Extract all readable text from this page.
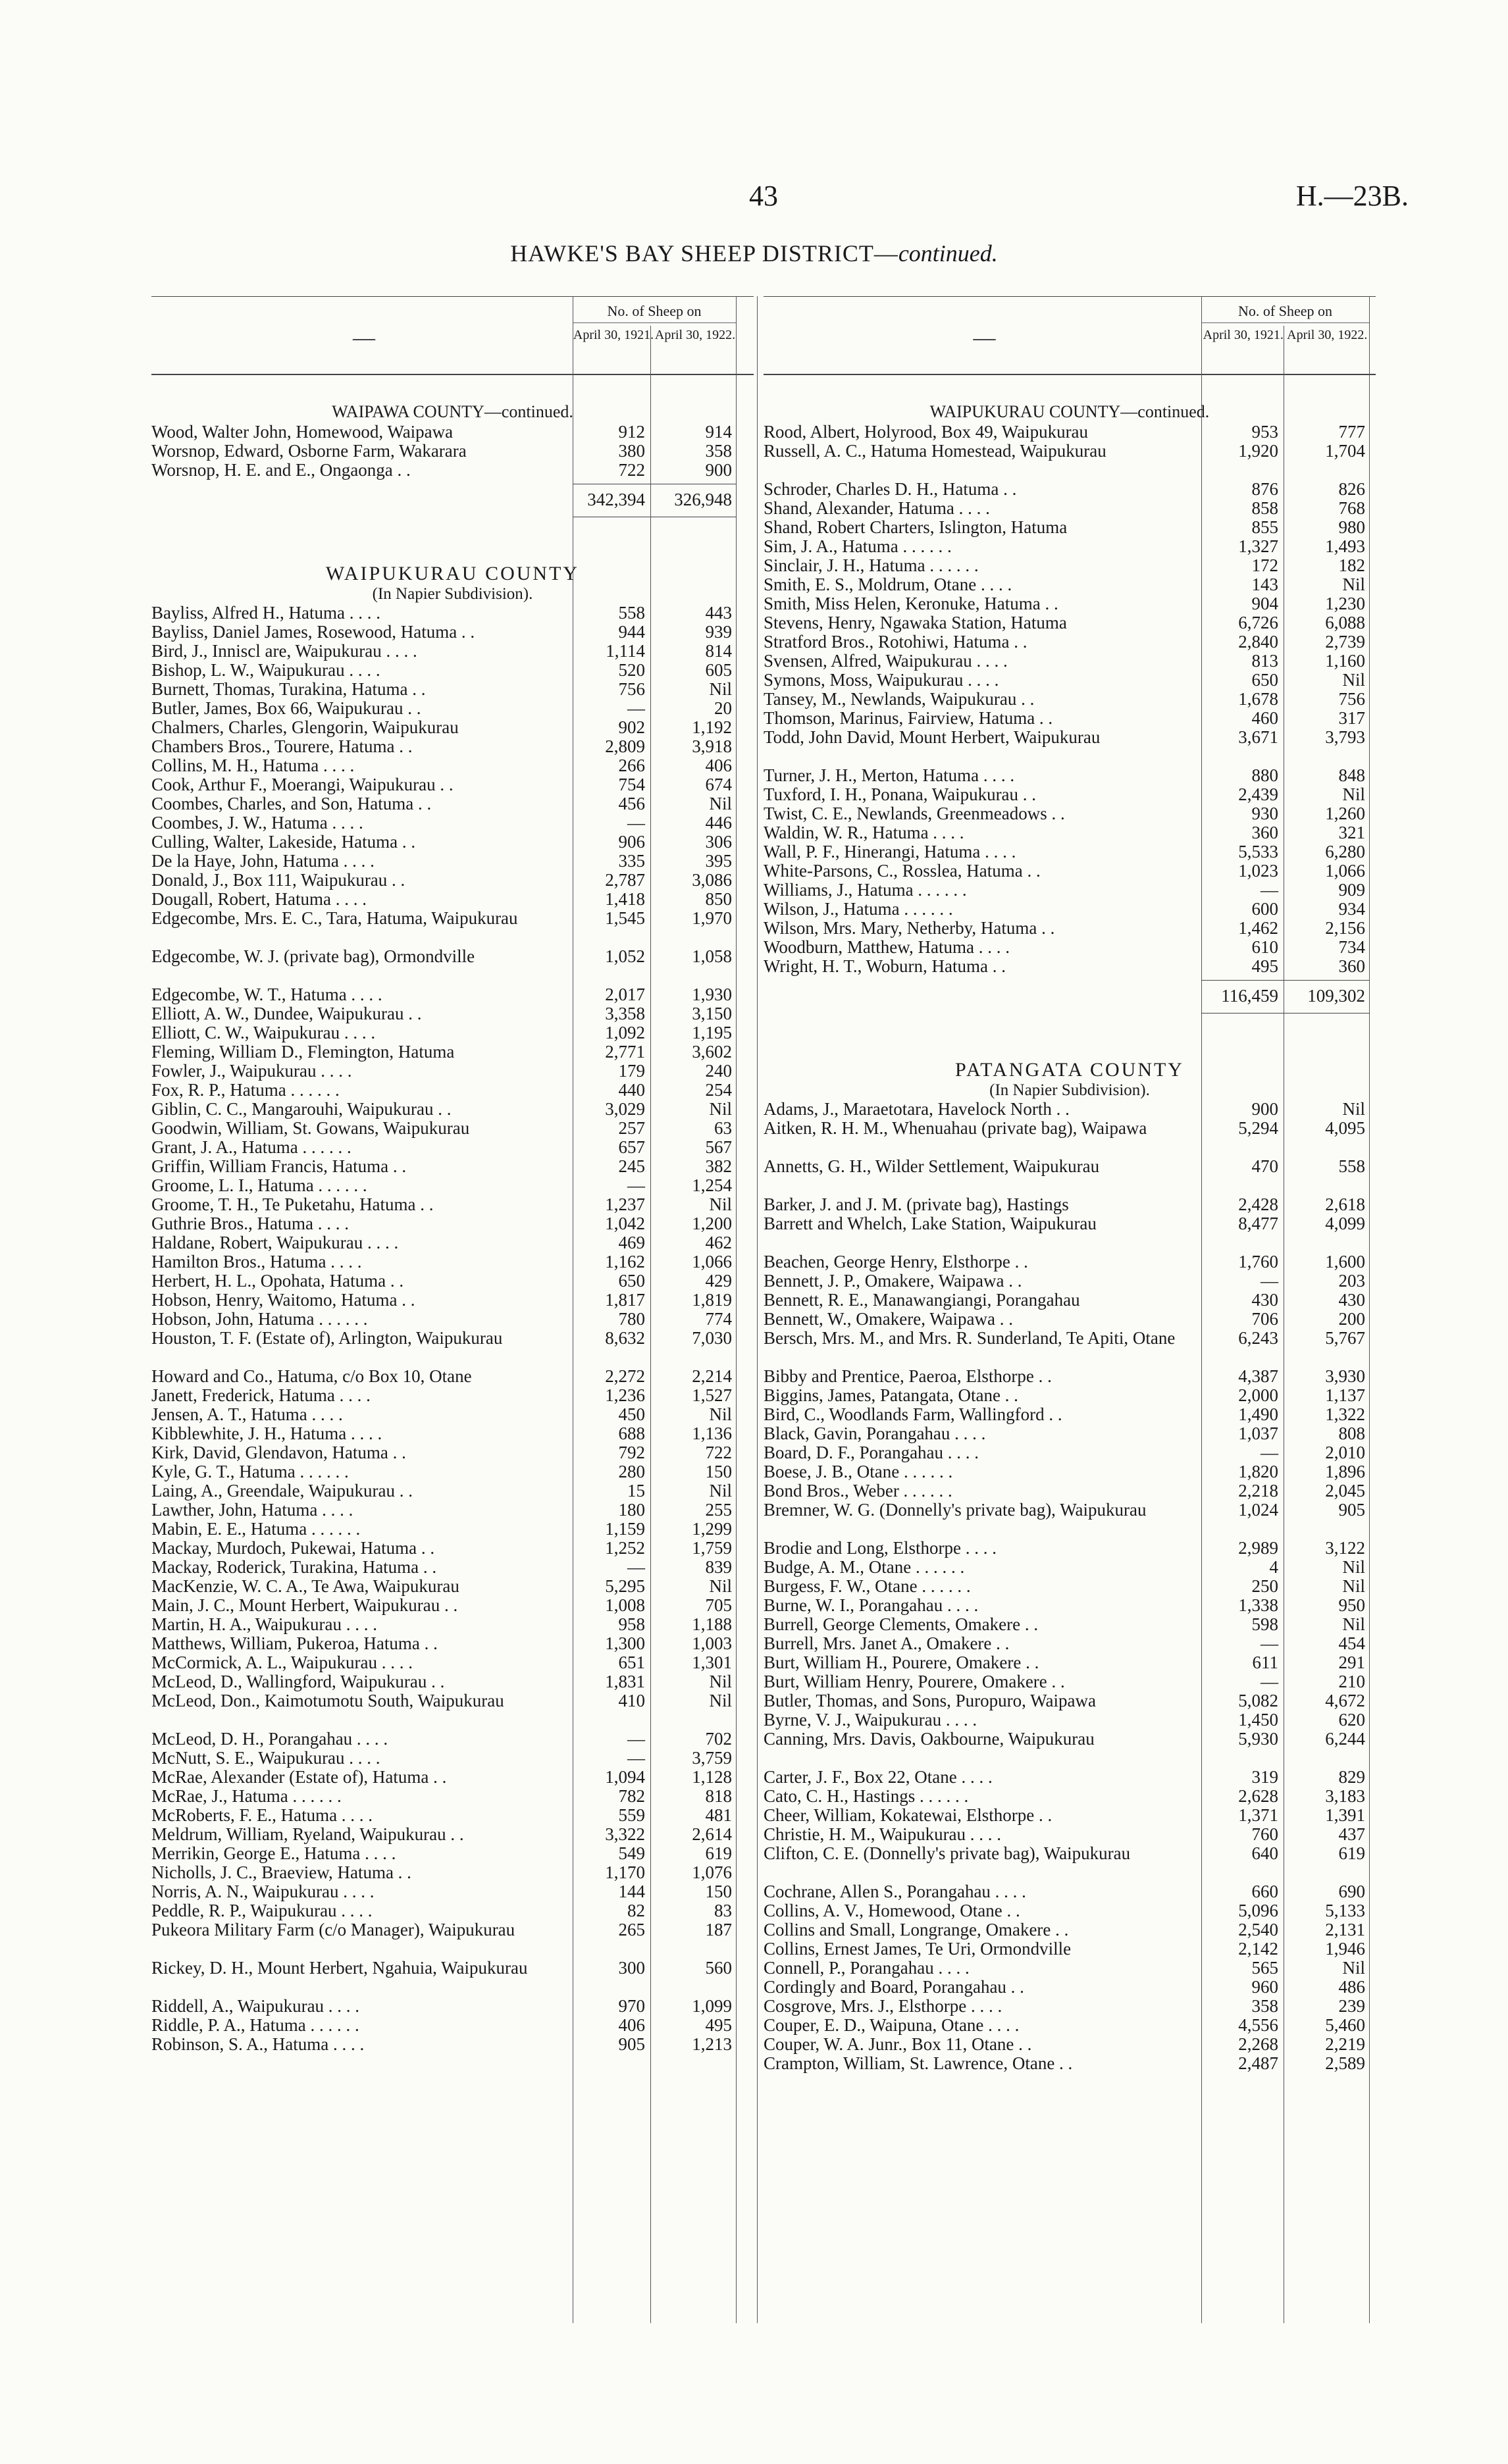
43	H.—23B.
HAWKE'S BAY SHEEP DISTRICT—continued.
No. of Sheep on
April 30, 1921. April 30, 1922.
—
WAIPAWA COUNTY—continued.
Wood, Walter John, Homewood, Waipawa	912	914
Worsnop, Edward, Osborne Farm, Wakarara	380	358
Worsnop, H. E. and E., Ongaonga . .	722	900
342,394	326,948
WAIPUKURAU COUNTY
(In Napier Subdivision).
Bayliss, Alfred H., Hatuma . . . .	558	443
Bayliss, Daniel James, Rosewood, Hatuma . .	944	939
Bird, J., Inniscl are, Waipukurau . . . .	1,114	814
Bishop, L. W., Waipukurau . . . .	520	605
Burnett, Thomas, Turakina, Hatuma . .	756	Nil
Butler, James, Box 66, Waipukurau . .	—	20
Chalmers, Charles, Glengorin, Waipukurau	902	1,192
Chambers Bros., Tourere, Hatuma . .	2,809	3,918
Collins, M. H., Hatuma . . . .	266	406
Cook, Arthur F., Moerangi, Waipukurau . .	754	674
Coombes, Charles, and Son, Hatuma . .	456	Nil
Coombes, J. W., Hatuma . . . .	—	446
Culling, Walter, Lakeside, Hatuma . .	906	306
De la Haye, John, Hatuma . . . .	335	395
Donald, J., Box 111, Waipukurau . .	2,787	3,086
Dougall, Robert, Hatuma . . . .	1,418	850
Edgecombe, Mrs. E. C., Tara, Hatuma, Waipukurau	1,545	1,970
Edgecombe, W. J. (private bag), Ormondville	1,052	1,058
Edgecombe, W. T., Hatuma . . . .	2,017	1,930
Elliott, A. W., Dundee, Waipukurau . .	3,358	3,150
Elliott, C. W., Waipukurau . . . .	1,092	1,195
Fleming, William D., Flemington, Hatuma	2,771	3,602
Fowler, J., Waipukurau . . . .	179	240
Fox, R. P., Hatuma . . . . . .	440	254
Giblin, C. C., Mangarouhi, Waipukurau . .	3,029	Nil
Goodwin, William, St. Gowans, Waipukurau	257	63
Grant, J. A., Hatuma . . . . . .	657	567
Griffin, William Francis, Hatuma . .	245	382
Groome, L. I., Hatuma . . . . . .	—	1,254
Groome, T. H., Te Puketahu, Hatuma . .	1,237	Nil
Guthrie Bros., Hatuma . . . .	1,042	1,200
Haldane, Robert, Waipukurau . . . .	469	462
Hamilton Bros., Hatuma . . . .	1,162	1,066
Herbert, H. L., Opohata, Hatuma . .	650	429
Hobson, Henry, Waitomo, Hatuma . .	1,817	1,819
Hobson, John, Hatuma . . . . . .	780	774
Houston, T. F. (Estate of), Arlington, Waipukurau	8,632	7,030
Howard and Co., Hatuma, c/o Box 10, Otane	2,272	2,214
Janett, Frederick, Hatuma . . . .	1,236	1,527
Jensen, A. T., Hatuma . . . .	450	Nil
Kibblewhite, J. H., Hatuma . . . .	688	1,136
Kirk, David, Glendavon, Hatuma . .	792	722
Kyle, G. T., Hatuma . . . . . .	280	150
Laing, A., Greendale, Waipukurau . .	15	Nil
Lawther, John, Hatuma . . . .	180	255
Mabin, E. E., Hatuma . . . . . .	1,159	1,299
Mackay, Murdoch, Pukewai, Hatuma . .	1,252	1,759
Mackay, Roderick, Turakina, Hatuma . .	—	839
MacKenzie, W. C. A., Te Awa, Waipukurau	5,295	Nil
Main, J. C., Mount Herbert, Waipukurau . .	1,008	705
Martin, H. A., Waipukurau . . . .	958	1,188
Matthews, William, Pukeroa, Hatuma . .	1,300	1,003
McCormick, A. L., Waipukurau . . . .	651	1,301
McLeod, D., Wallingford, Waipukurau . .	1,831	Nil
McLeod, Don., Kaimotumotu South, Waipukurau	410	Nil
McLeod, D. H., Porangahau . . . .	—	702
McNutt, S. E., Waipukurau . . . .	—	3,759
McRae, Alexander (Estate of), Hatuma . .	1,094	1,128
McRae, J., Hatuma . . . . . .	782	818
McRoberts, F. E., Hatuma . . . .	559	481
Meldrum, William, Ryeland, Waipukurau . .	3,322	2,614
Merrikin, George E., Hatuma . . . .	549	619
Nicholls, J. C., Braeview, Hatuma . .	1,170	1,076
Norris, A. N., Waipukurau . . . .	144	150
Peddle, R. P., Waipukurau . . . .	82	83
Pukeora Military Farm (c/o Manager), Waipukurau	265	187
Rickey, D. H., Mount Herbert, Ngahuia, Waipukurau	300	560
Riddell, A., Waipukurau . . . .	970	1,099
Riddle, P. A., Hatuma . . . . . .	406	495
Robinson, S. A., Hatuma . . . .	905	1,213
No. of Sheep on
April 30, 1921. April 30, 1922.
—
WAIPUKURAU COUNTY—continued.
Rood, Albert, Holyrood, Box 49, Waipukurau	953	777
Russell, A. C., Hatuma Homestead, Waipukurau	1,920	1,704
Schroder, Charles D. H., Hatuma . .	876	826
Shand, Alexander, Hatuma . . . .	858	768
Shand, Robert Charters, Islington, Hatuma	855	980
Sim, J. A., Hatuma . . . . . .	1,327	1,493
Sinclair, J. H., Hatuma . . . . . .	172	182
Smith, E. S., Moldrum, Otane . . . .	143	Nil
Smith, Miss Helen, Keronuke, Hatuma . .	904	1,230
Stevens, Henry, Ngawaka Station, Hatuma	6,726	6,088
Stratford Bros., Rotohiwi, Hatuma . .	2,840	2,739
Svensen, Alfred, Waipukurau . . . .	813	1,160
Symons, Moss, Waipukurau . . . .	650	Nil
Tansey, M., Newlands, Waipukurau . .	1,678	756
Thomson, Marinus, Fairview, Hatuma . .	460	317
Todd, John David, Mount Herbert, Waipukurau	3,671	3,793
Turner, J. H., Merton, Hatuma . . . .	880	848
Tuxford, I. H., Ponana, Waipukurau . .	2,439	Nil
Twist, C. E., Newlands, Greenmeadows . .	930	1,260
Waldin, W. R., Hatuma . . . .	360	321
Wall, P. F., Hinerangi, Hatuma . . . .	5,533	6,280
White-Parsons, C., Rosslea, Hatuma . .	1,023	1,066
Williams, J., Hatuma . . . . . .	—	909
Wilson, J., Hatuma . . . . . .	600	934
Wilson, Mrs. Mary, Netherby, Hatuma . .	1,462	2,156
Woodburn, Matthew, Hatuma . . . .	610	734
Wright, H. T., Woburn, Hatuma . .	495	360
116,459	109,302
PATANGATA COUNTY
(In Napier Subdivision).
Adams, J., Maraetotara, Havelock North . .	900	Nil
Aitken, R. H. M., Whenuahau (private bag), Waipawa	5,294	4,095
Annetts, G. H., Wilder Settlement, Waipukurau	470	558
Barker, J. and J. M. (private bag), Hastings	2,428	2,618
Barrett and Whelch, Lake Station, Waipukurau	8,477	4,099
Beachen, George Henry, Elsthorpe . .	1,760	1,600
Bennett, J. P., Omakere, Waipawa . .	—	203
Bennett, R. E., Manawangiangi, Porangahau	430	430
Bennett, W., Omakere, Waipawa . .	706	200
Bersch, Mrs. M., and Mrs. R. Sunderland, Te Apiti, Otane	6,243	5,767
Bibby and Prentice, Paeroa, Elsthorpe . .	4,387	3,930
Biggins, James, Patangata, Otane . .	2,000	1,137
Bird, C., Woodlands Farm, Wallingford . .	1,490	1,322
Black, Gavin, Porangahau . . . .	1,037	808
Board, D. F., Porangahau . . . .	—	2,010
Boese, J. B., Otane . . . . . .	1,820	1,896
Bond Bros., Weber . . . . . .	2,218	2,045
Bremner, W. G. (Donnelly's private bag), Waipukurau	1,024	905
Brodie and Long, Elsthorpe . . . .	2,989	3,122
Budge, A. M., Otane . . . . . .	4	Nil
Burgess, F. W., Otane . . . . . .	250	Nil
Burne, W. I., Porangahau . . . .	1,338	950
Burrell, George Clements, Omakere . .	598	Nil
Burrell, Mrs. Janet A., Omakere . .	—	454
Burt, William H., Pourere, Omakere . .	611	291
Burt, William Henry, Pourere, Omakere . .	—	210
Butler, Thomas, and Sons, Puropuro, Waipawa	5,082	4,672
Byrne, V. J., Waipukurau . . . .	1,450	620
Canning, Mrs. Davis, Oakbourne, Waipukurau	5,930	6,244
Carter, J. F., Box 22, Otane . . . .	319	829
Cato, C. H., Hastings . . . . . .	2,628	3,183
Cheer, William, Kokatewai, Elsthorpe . .	1,371	1,391
Christie, H. M., Waipukurau . . . .	760	437
Clifton, C. E. (Donnelly's private bag), Waipukurau	640	619
Cochrane, Allen S., Porangahau . . . .	660	690
Collins, A. V., Homewood, Otane . .	5,096	5,133
Collins and Small, Longrange, Omakere . .	2,540	2,131
Collins, Ernest James, Te Uri, Ormondville	2,142	1,946
Connell, P., Porangahau . . . .	565	Nil
Cordingly and Board, Porangahau . .	960	486
Cosgrove, Mrs. J., Elsthorpe . . . .	358	239
Couper, E. D., Waipuna, Otane . . . .	4,556	5,460
Couper, W. A. Junr., Box 11, Otane . .	2,268	2,219
Crampton, William, St. Lawrence, Otane . .	2,487	2,589
